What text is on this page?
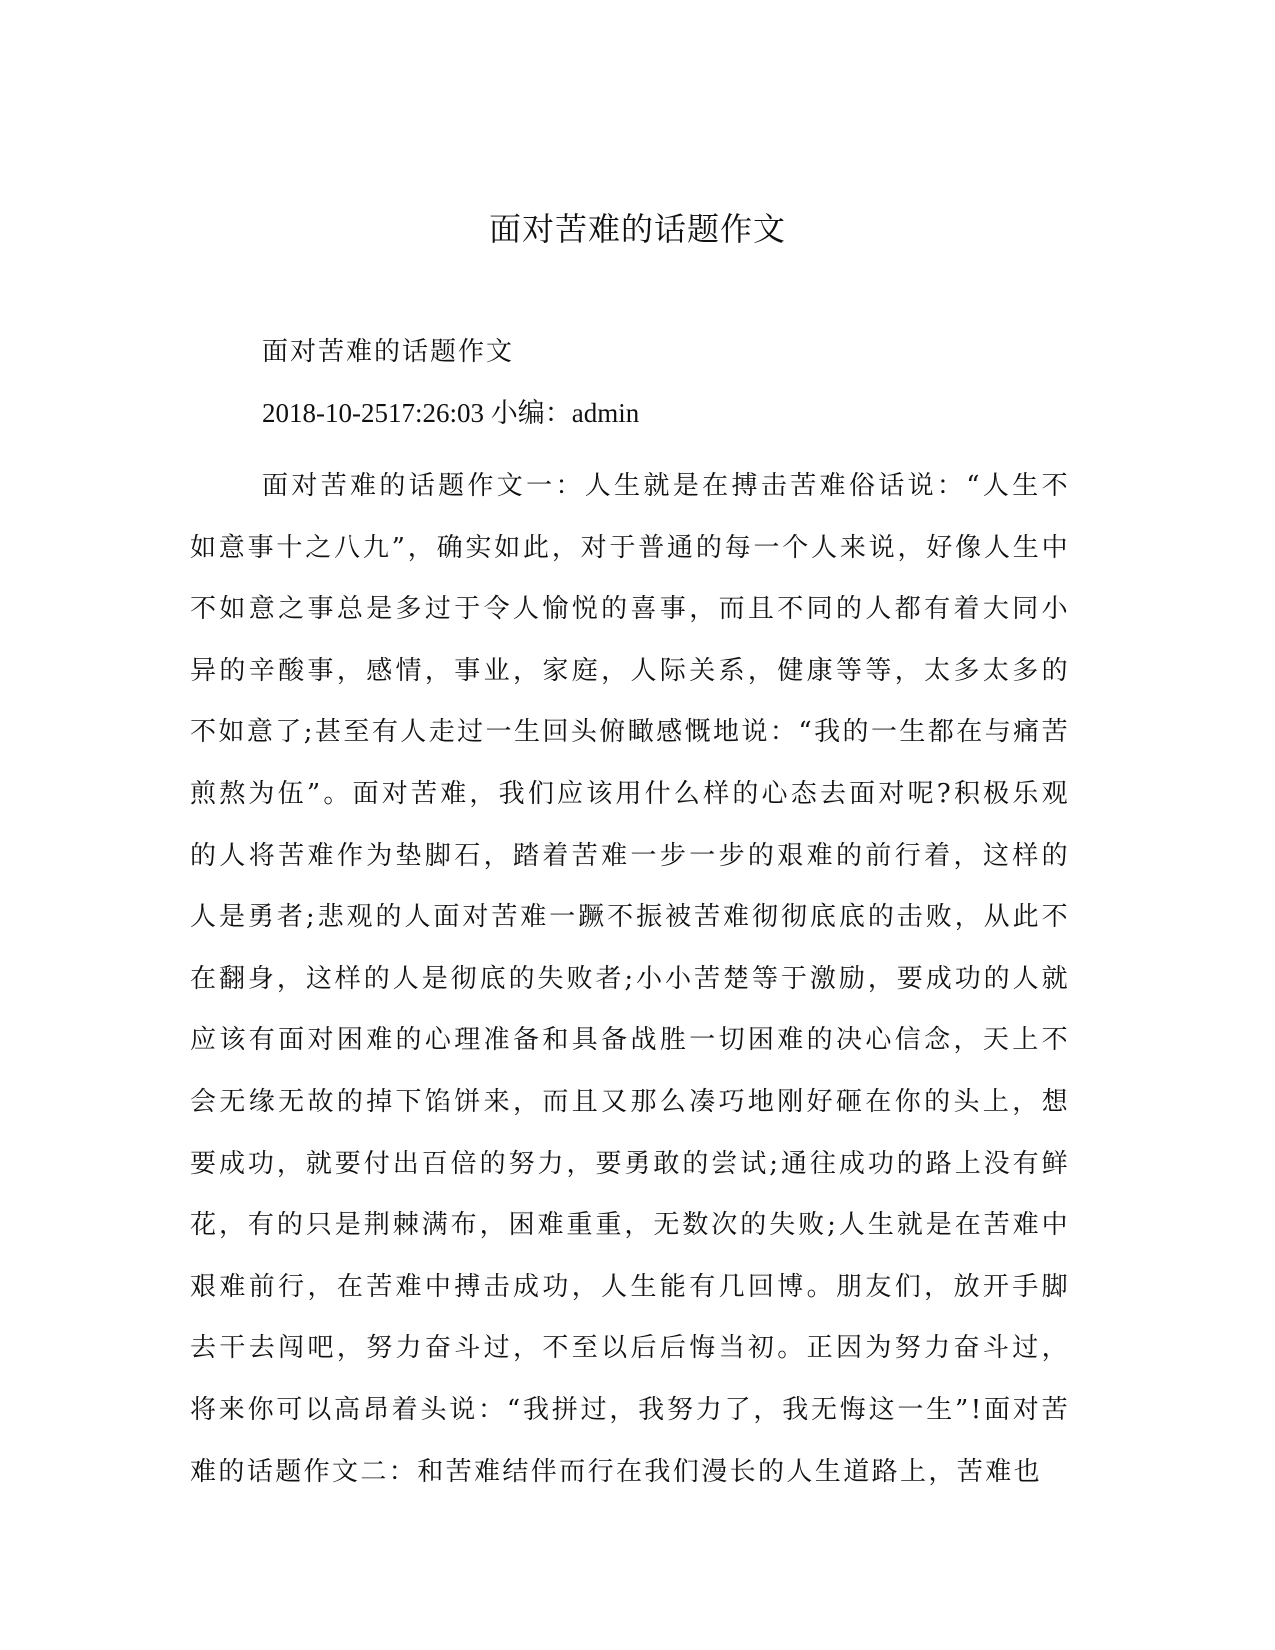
面对苦难的话题作文

面对苦难的话题作文

2018-10-2517:26:03 小编：admin

面对苦难的话题作文一：人生就是在搏击苦难俗话说：“人生不如意事十之八九”，确实如此，对于普通的每一个人来说，好像人生中不如意之事总是多过于令人愉悦的喜事，而且不同的人都有着大同小异的辛酸事，感情，事业，家庭，人际关系，健康等等，太多太多的不如意了;甚至有人走过一生回头俯瞰感慨地说：“我的一生都在与痛苦煎熬为伍”。面对苦难，我们应该用什么样的心态去面对呢?积极乐观的人将苦难作为垫脚石，踏着苦难一步一步的艰难的前行着，这样的人是勇者;悲观的人面对苦难一蹶不振被苦难彻彻底底的击败，从此不在翻身，这样的人是彻底的失败者;小小苦楚等于激励，要成功的人就应该有面对困难的心理准备和具备战胜一切困难的决心信念，天上不会无缘无故的掉下馅饼来，而且又那么凑巧地刚好砸在你的头上，想要成功，就要付出百倍的努力，要勇敢的尝试;通往成功的路上没有鲜花，有的只是荆棘满布，困难重重，无数次的失败;人生就是在苦难中艰难前行，在苦难中搏击成功，人生能有几回博。朋友们，放开手脚去干去闯吧，努力奋斗过，不至以后后悔当初。正因为努力奋斗过，将来你可以高昂着头说：“我拼过，我努力了，我无悔这一生”!面对苦难的话题作文二：和苦难结伴而行在我们漫长的人生道路上，苦难也
